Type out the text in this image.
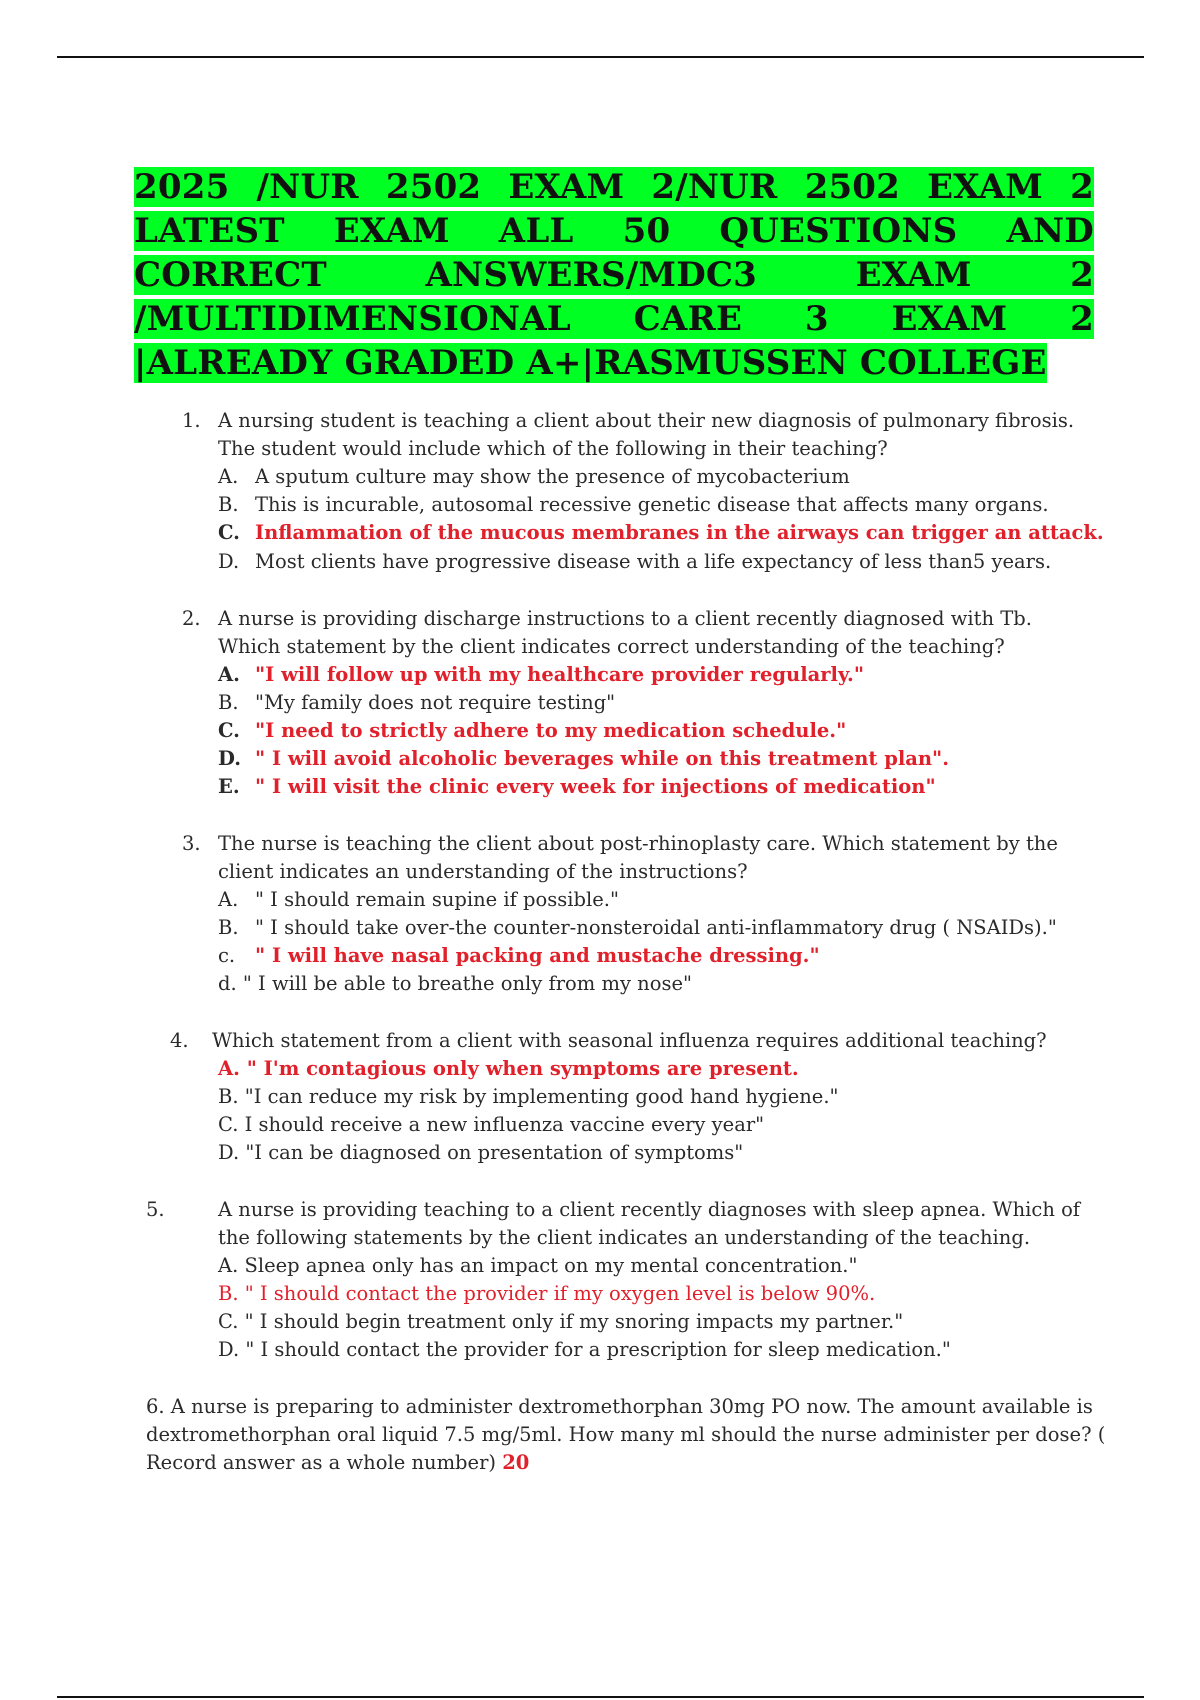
2025 /NUR 2502 EXAM 2/NUR 2502 EXAM 2 LATEST EXAM ALL 50 QUESTIONS AND CORRECT ANSWERS/MDC3 EXAM 2 /MULTIDIMENSIONAL CARE 3 EXAM 2 |ALREADY GRADED A+|RASMUSSEN COLLEGE
1. A nursing student is teaching a client about their new diagnosis of pulmonary fibrosis.
The student would include which of the following in their teaching?
A. A sputum culture may show the presence of mycobacterium
B. This is incurable, autosomal recessive genetic disease that affects many organs.
C. Inflammation of the mucous membranes in the airways can trigger an attack.
D. Most clients have progressive disease with a life expectancy of less than5 years.
2. A nurse is providing discharge instructions to a client recently diagnosed with Tb.
Which statement by the client indicates correct understanding of the teaching?
A. "I will follow up with my healthcare provider regularly."
B. "My family does not require testing"
C. "I need to strictly adhere to my medication schedule."
D. " I will avoid alcoholic beverages while on this treatment plan".
E. " I will visit the clinic every week for injections of medication"
3. The nurse is teaching the client about post-rhinoplasty care. Which statement by the
client indicates an understanding of the instructions?
A. " I should remain supine if possible."
B. " I should take over-the counter-nonsteroidal anti-inflammatory drug ( NSAIDs)."
c. " I will have nasal packing and mustache dressing."
d. " I will be able to breathe only from my nose"
4. Which statement from a client with seasonal influenza requires additional teaching?
A. " I'm contagious only when symptoms are present.
B. "I can reduce my risk by implementing good hand hygiene."
C. I should receive a new influenza vaccine every year"
D. "I can be diagnosed on presentation of symptoms"
5.	A nurse is providing teaching to a client recently diagnoses with sleep apnea. Which of
the following statements by the client indicates an understanding of the teaching.
A. Sleep apnea only has an impact on my mental concentration."
B. " I should contact the provider if my oxygen level is below 90%.
C. " I should begin treatment only if my snoring impacts my partner."
D. " I should contact the provider for a prescription for sleep medication."
6. A nurse is preparing to administer dextromethorphan 30mg PO now. The amount available is
dextromethorphan oral liquid 7.5 mg/5ml. How many ml should the nurse administer per dose? (
Record answer as a whole number) 20
